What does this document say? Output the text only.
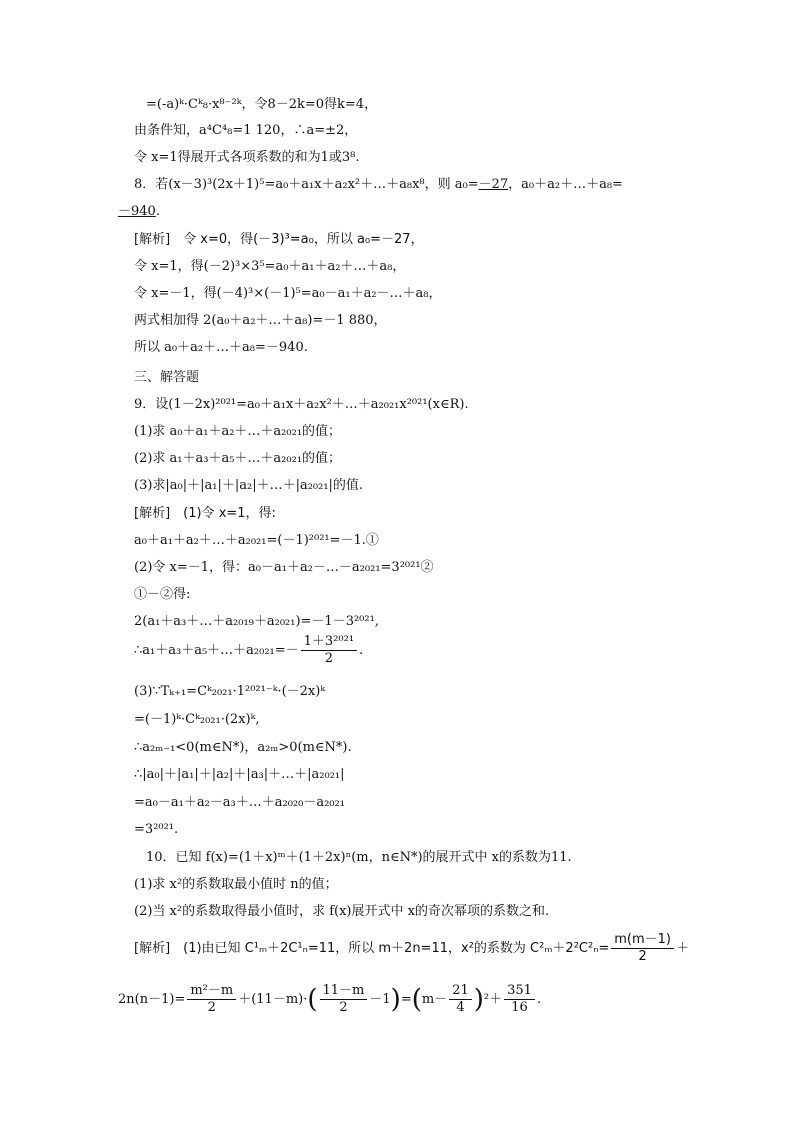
=(-a)ᵏ·Cᵏ₈·x⁸⁻²ᵏ，令8－2k=0得k=4，
由条件知，a⁴C⁴₈=1 120，∴a=±2，
令 x=1得展开式各项系数的和为1或3⁸.
8．若(x－3)³(2x＋1)⁵=a₀＋a₁x＋a₂x²＋…＋a₈x⁸，则 a₀=－27，a₀＋a₂＋…＋a₈=
－940.
[解析]　令 x=0，得(－3)³=a₀，所以 a₀=－27，
令 x=1，得(－2)³×3⁵=a₀＋a₁＋a₂＋…＋a₈，
令 x=－1，得(－4)³×(－1)⁵=a₀－a₁＋a₂－…＋a₈，
两式相加得 2(a₀＋a₂＋…＋a₈)=－1 880，
所以 a₀＋a₂＋…＋a₈=－940.
三、解答题
9．设(1－2x)²⁰²¹=a₀＋a₁x＋a₂x²＋…＋a₂₀₂₁x²⁰²¹(x∈R).
(1)求 a₀＋a₁＋a₂＋…＋a₂₀₂₁的值；
(2)求 a₁＋a₃＋a₅＋…＋a₂₀₂₁的值；
(3)求|a₀|＋|a₁|＋|a₂|＋…＋|a₂₀₂₁|的值.
[解析]　(1)令 x=1，得:
a₀＋a₁＋a₂＋…＋a₂₀₂₁=(－1)²⁰²¹=－1.①
(2)令 x=－1，得：a₀－a₁＋a₂－…－a₂₀₂₁=3²⁰²¹②
①－②得:
2(a₁＋a₃＋…＋a₂₀₁₉＋a₂₀₂₁)=－1－3²⁰²¹,
∴a₁＋a₃＋a₅＋…＋a₂₀₂₁=－ $\frac{\text{1＋3²⁰²¹}}{2}$ .
(3)∵Tₖ₊₁=Cᵏ₂₀₂₁·1²⁰²¹⁻ᵏ·(－2x)ᵏ
=(－1)ᵏ·Cᵏ₂₀₂₁·(2x)ᵏ,
∴a₂ₘ₋₁<0(m∈N*)，a₂ₘ>0(m∈N*).
∴|a₀|＋|a₁|＋|a₂|＋|a₃|＋…＋|a₂₀₂₁|
=a₀－a₁＋a₂－a₃＋…＋a₂₀₂₀－a₂₀₂₁
=3²⁰²¹.
10．已知 f(x)=(1＋x)ᵐ＋(1＋2x)ⁿ(m，n∈N*)的展开式中 x的系数为11.
(1)求 x²的系数取最小值时 n的值；
(2)当 x²的系数取得最小值时，求 f(x)展开式中 x的奇次幂项的系数之和.
[解析]　(1)由已知 C¹ₘ＋2C¹ₙ=11，所以 m＋2n=11，x²的系数为 $C^2_m+2^2C^2_n= \frac{m(m-1)}{2}$ ＋
$2n(n-1)= \frac{\text{m²－m}}{2} +(11-m)\cdot( \frac{11-m}{2} -1)=(m- \frac{21}{4} )^2+ \frac{351}{16}$ .
